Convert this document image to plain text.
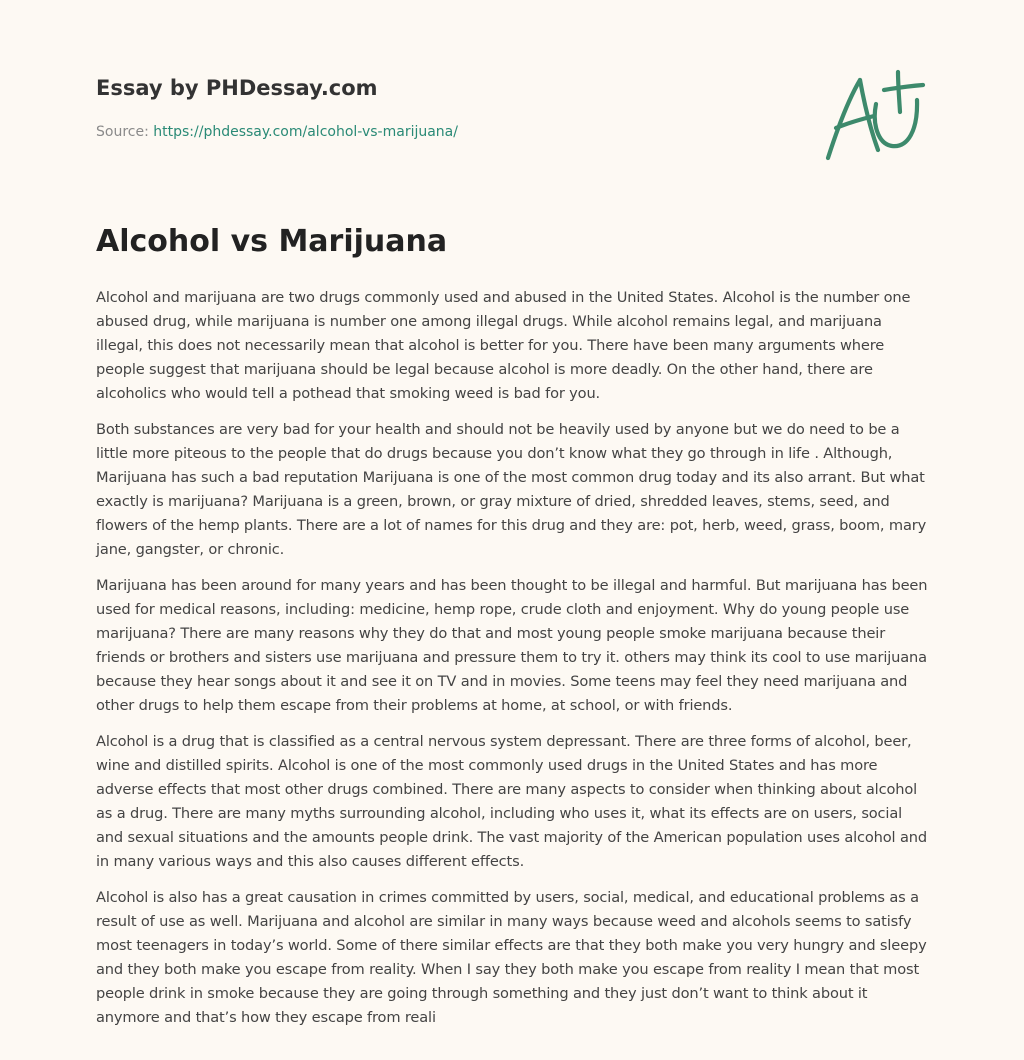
Essay by PHDessay.com
Source: https://phdessay.com/alcohol-vs-marijuana/
Alcohol vs Marijuana

Alcohol and marijuana are two drugs commonly used and abused in the United States. Alcohol is the number one abused drug, while marijuana is number one among illegal drugs. While alcohol remains legal, and marijuana illegal, this does not necessarily mean that alcohol is better for you. There have been many arguments where people suggest that marijuana should be legal because alcohol is more deadly. On the other hand, there are alcoholics who would tell a pothead that smoking weed is bad for you.

Both substances are very bad for your health and should not be heavily used by anyone but we do need to be a little more piteous to the people that do drugs because you don’t know what they go through in life . Although, Marijuana has such a bad reputation Marijuana is one of the most common drug today and its also arrant. But what exactly is marijuana? Marijuana is a green, brown, or gray mixture of dried, shredded leaves, stems, seed, and flowers of the hemp plants. There are a lot of names for this drug and they are: pot, herb, weed, grass, boom, mary jane, gangster, or chronic.

Marijuana has been around for many years and has been thought to be illegal and harmful. But marijuana has been used for medical reasons, including: medicine, hemp rope, crude cloth and enjoyment. Why do young people use marijuana? There are many reasons why they do that and most young people smoke marijuana because their friends or brothers and sisters use marijuana and pressure them to try it. others may think its cool to use marijuana because they hear songs about it and see it on TV and in movies. Some teens may feel they need marijuana and other drugs to help them escape from their problems at home, at school, or with friends.

Alcohol is a drug that is classified as a central nervous system depressant. There are three forms of alcohol, beer, wine and distilled spirits. Alcohol is one of the most commonly used drugs in the United States and has more adverse effects that most other drugs combined. There are many aspects to consider when thinking about alcohol as a drug. There are many myths surrounding alcohol, including who uses it, what its effects are on users, social and sexual situations and the amounts people drink. The vast majority of the American population uses alcohol and in many various ways and this also causes different effects.

Alcohol is also has a great causation in crimes committed by users, social, medical, and educational problems as a result of use as well. Marijuana and alcohol are similar in many ways because weed and alcohols seems to satisfy most teenagers in today’s world. Some of there similar effects are that they both make you very hungry and sleepy and they both make you escape from reality. When I say they both make you escape from reality I mean that most people drink in smoke because they are going through something and they just don’t want to think about it anymore and that’s how they escape from reali
